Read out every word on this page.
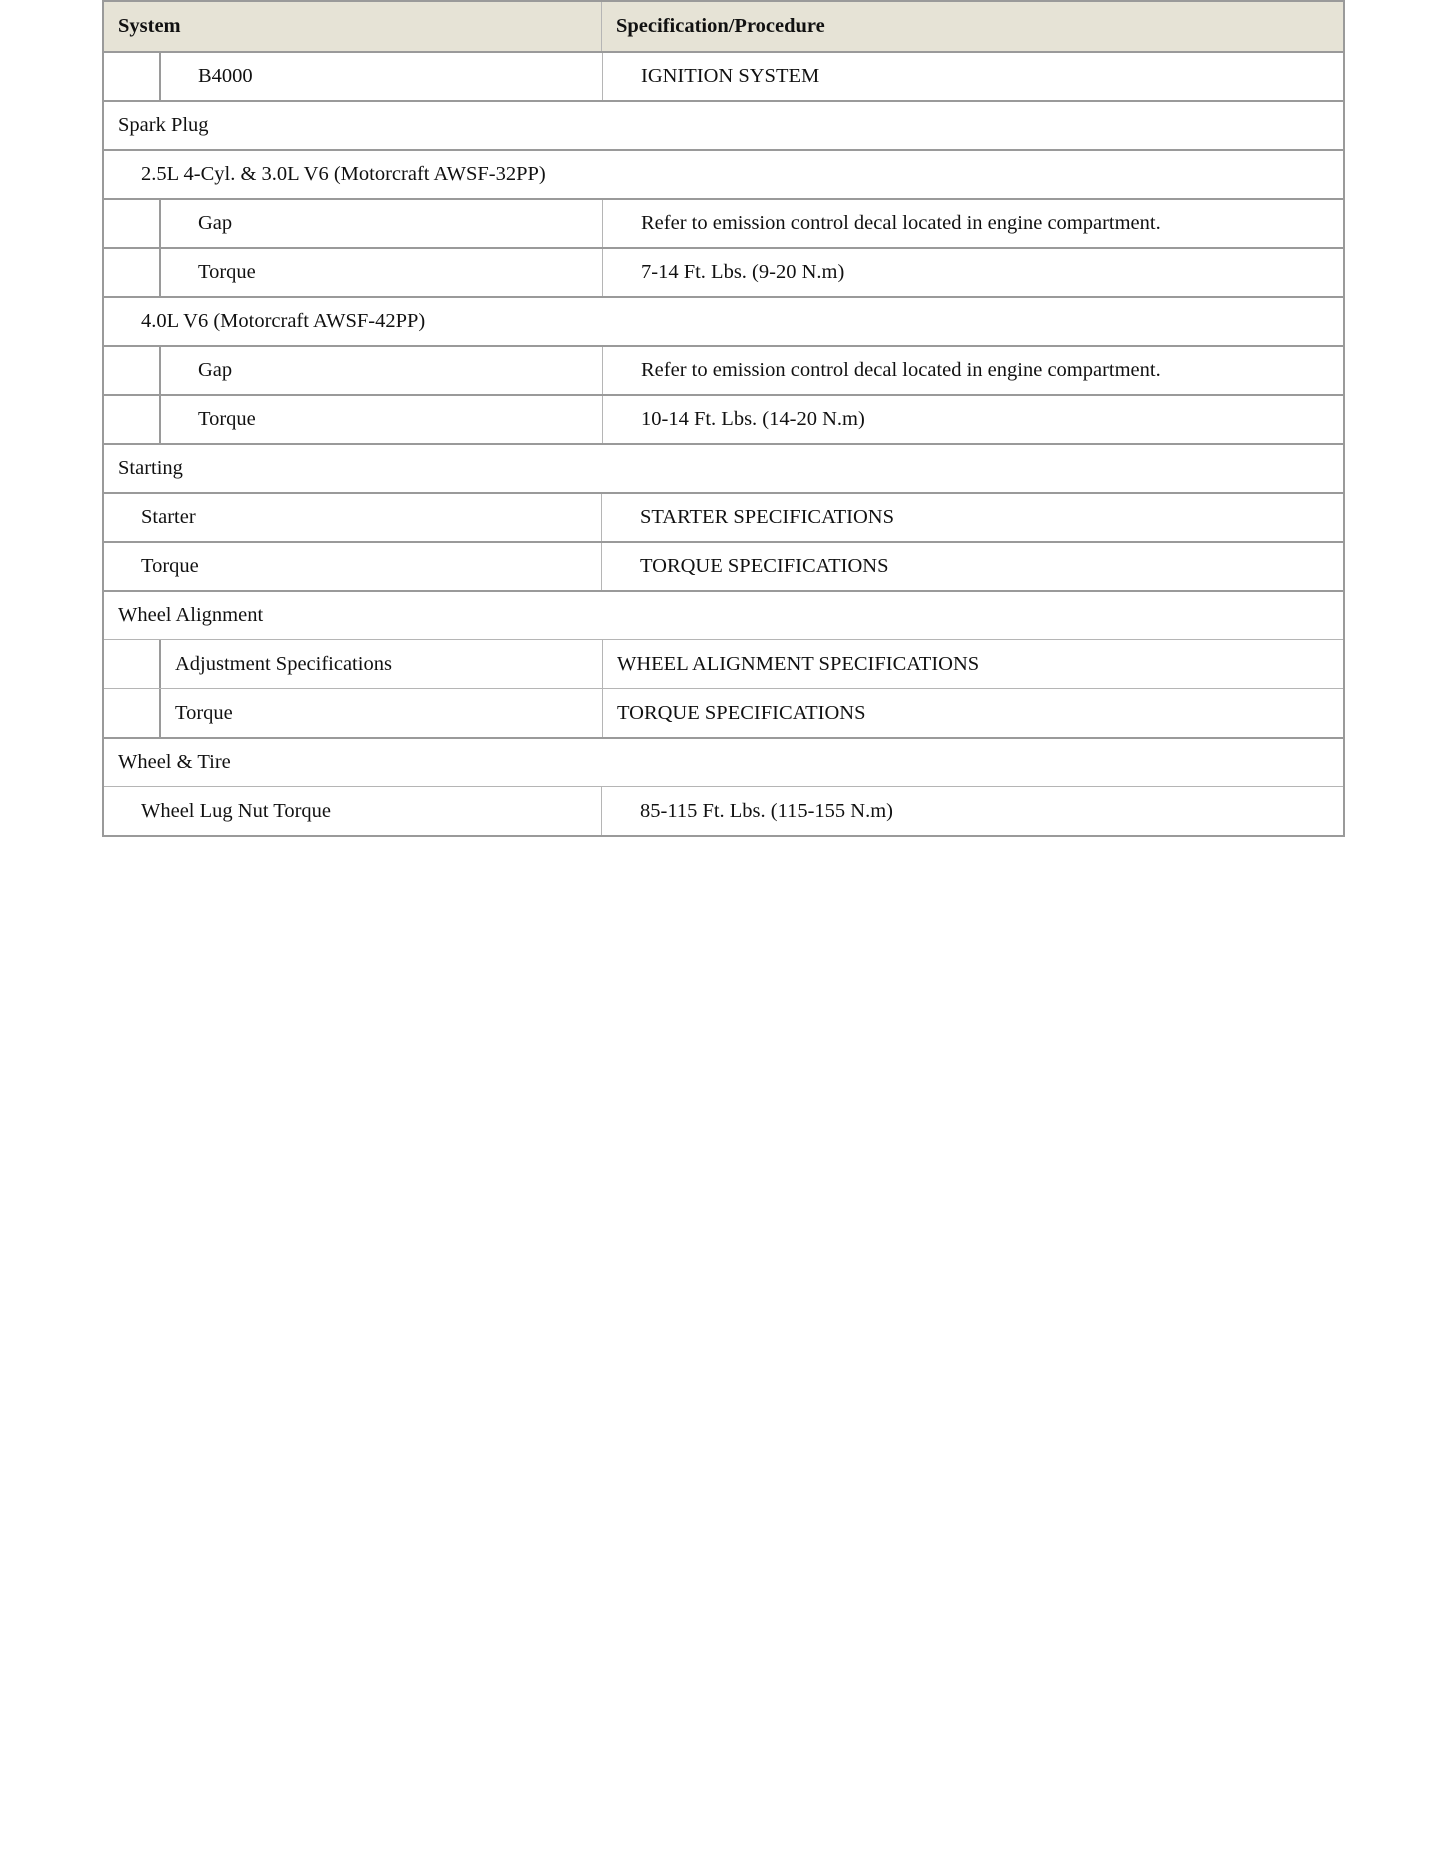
System	Specification/Procedure
B4000	IGNITION SYSTEM
Spark Plug
2.5L 4-Cyl. & 3.0L V6 (Motorcraft AWSF-32PP)
Gap	Refer to emission control decal located in engine compartment.
Torque	7-14 Ft. Lbs. (9-20 N.m)
4.0L V6 (Motorcraft AWSF-42PP)
Gap	Refer to emission control decal located in engine compartment.
Torque	10-14 Ft. Lbs. (14-20 N.m)
Starting
Starter	STARTER SPECIFICATIONS
Torque	TORQUE SPECIFICATIONS
Wheel Alignment
Adjustment Specifications	WHEEL ALIGNMENT SPECIFICATIONS
Torque	TORQUE SPECIFICATIONS
Wheel & Tire
Wheel Lug Nut Torque	85-115 Ft. Lbs. (115-155 N.m)
